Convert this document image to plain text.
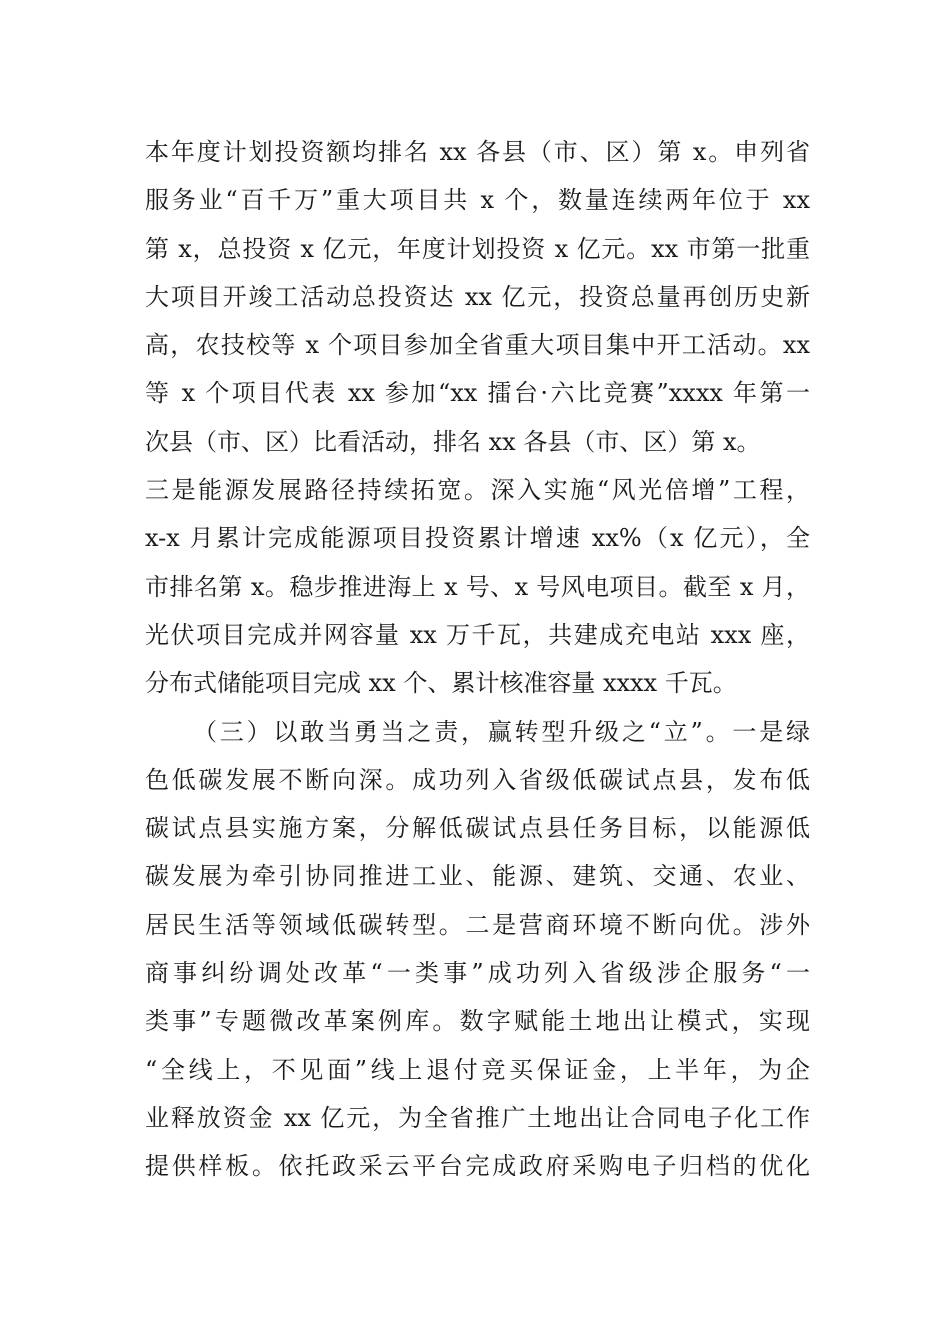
本年度计划投资额均排名 xx 各县（市、区）第 x。申列省
服务业“百千万”重大项目共 x 个，数量连续两年位于 xx
第 x，总投资 x 亿元，年度计划投资 x 亿元。xx 市第一批重
大项目开竣工活动总投资达 xx 亿元，投资总量再创历史新
高，农技校等 x 个项目参加全省重大项目集中开工活动。xx
等 x 个项目代表 xx 参加“xx 擂台·六比竞赛”xxxx 年第一
次县（市、区）比看活动，排名 xx 各县（市、区）第 x。
三是能源发展路径持续拓宽。深入实施“风光倍增”工程，
x-x 月累计完成能源项目投资累计增速 xx%（x 亿元），全
市排名第 x。稳步推进海上 x 号、x 号风电项目。截至 x 月，
光伏项目完成并网容量 xx 万千瓦，共建成充电站 xxx 座，
分布式储能项目完成 xx 个、累计核准容量 xxxx 千瓦。
（三）以敢当勇当之责，赢转型升级之“立”。一是绿
色低碳发展不断向深。成功列入省级低碳试点县，发布低
碳试点县实施方案，分解低碳试点县任务目标，以能源低
碳发展为牵引协同推进工业、能源、建筑、交通、农业、
居民生活等领域低碳转型。二是营商环境不断向优。涉外
商事纠纷调处改革“一类事”成功列入省级涉企服务“一
类事”专题微改革案例库。数字赋能土地出让模式，实现
“全线上，不见面”线上退付竞买保证金，上半年，为企
业释放资金 xx 亿元，为全省推广土地出让合同电子化工作
提供样板。依托政采云平台完成政府采购电子归档的优化
